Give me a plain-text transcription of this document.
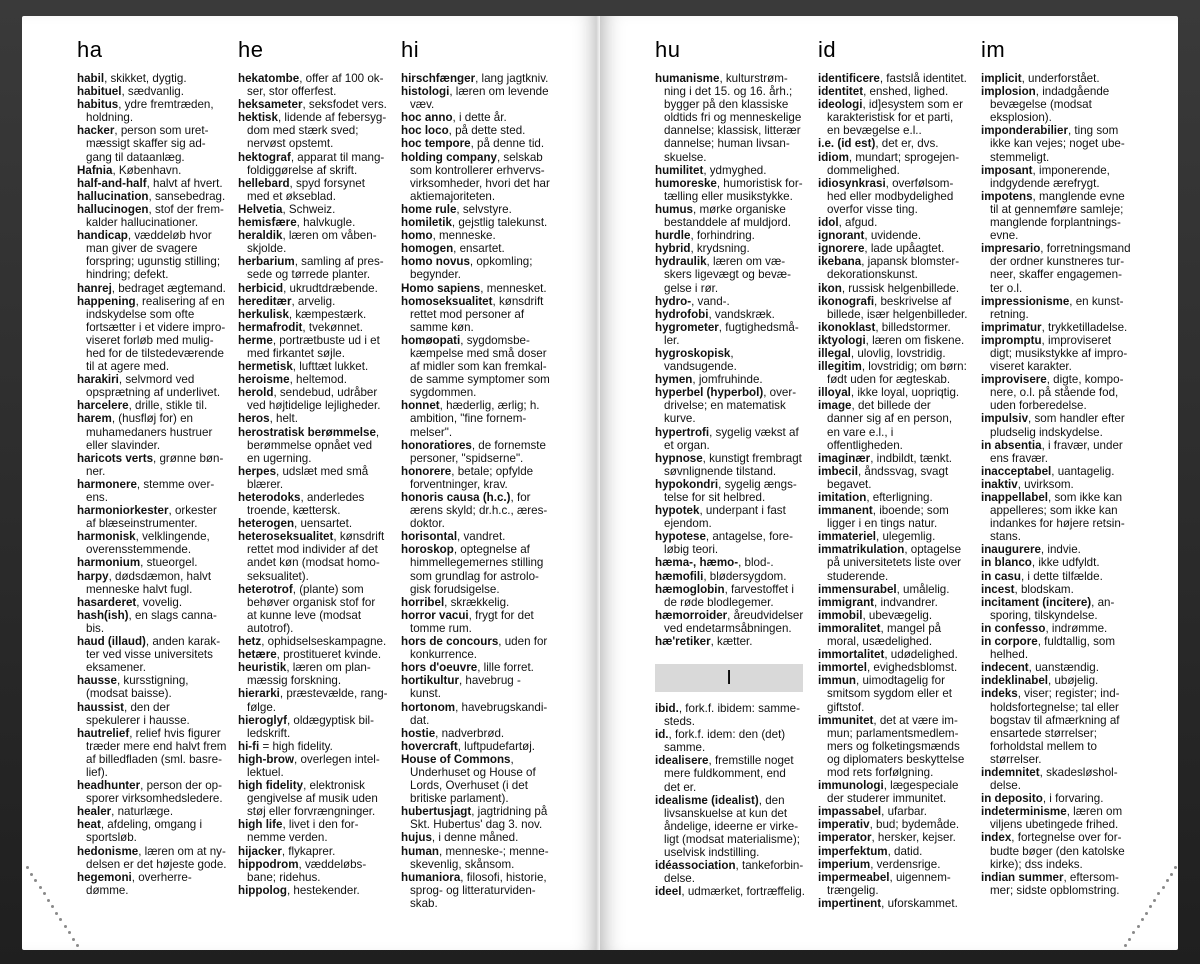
ha

habil, skikket, dygtig.

habituel, sædvanlig.

habitus, ydre fremtræden, holdning.

hacker, person som uretmæssigt skaffer sig adgang til dataanlæg.

Hafnia, København.

half-and-half, halvt af hvert.

hallucination, sansebedrag.

hallucinogen, stof der fremkalder hallucinationer.

handicap, væddeløb hvor man giver de svagere forspring; ugunstig stilling; hindring; defekt.

hanrej, bedraget ægtemand.

happening, realisering af en indskydelse som ofte fortsætter i et videre improviseret forløb med mulighed for de tilstedeværende til at agere med.

harakiri, selvmord ved opsprætning af underlivet.

harcelere, drille, stikle til.

harem, (husfløj for) en muhamedaners hustruer eller slavinder.

haricots verts, grønne bønner.

harmonere, stemme overens.

harmoniorkester, orkester af blæseinstrumenter.

harmonisk, velklingende, overensstemmende.

harmonium, stueorgel.

harpy, dødsdæmon, halvt menneske halvt fugl.

hasarderet, vovelig.

hash(ish), en slags cannabis.

haud (illaud), anden karakter ved visse universitets eksamener.

hausse, kursstigning, (modsat baisse).

haussist, den der spekulerer i hausse.

hautrelief, relief hvis figurer træder mere end halvt frem af billedfladen (sml. basrelief).

headhunter, person der opsporer virksomhedsledere.

healer, naturlæge.

heat, afdeling, omgang i sportsløb.

hedonisme, læren om at nydelsen er det højeste gode.

hegemoni, overherredømme.

he

hekatombe, offer af 100 okser, stor offerfest.

heksameter, seksfodet vers.

hektisk, lidende af febersygdom med stærk sved; nervøst opstemt.

hektograf, apparat til mangfoldiggørelse af skrift.

hellebard, spyd forsynet med et økseblad.

Helvetia, Schweiz.

hemisfære, halvkugle.

heraldik, læren om våbenskjolde.

herbarium, samling af pressede og tørrede planter.

herbicid, ukrudtdræbende.

hereditær, arvelig.

herkulisk, kæmpestærk.

hermafrodit, tvekønnet.

herme, portrætbuste ud i et med firkantet søjle.

hermetisk, lufttæt lukket.

heroisme, heltemod.

herold, sendebud, udråber ved højtidelige lejligheder.

heros, helt.

herostratisk berømmelse, berømmelse opnået ved en ugerning.

herpes, udslæt med små blærer.

heterodoks, anderledes troende, kættersk.

heterogen, uensartet.

heteroseksualitet, kønsdrift rettet mod individer af det andet køn (modsat homoseksualitet).

heterotrof, (plante) som behøver organisk stof for at kunne leve (modsat autotrof).

hetz, ophidselseskampagne.

hetære, prostitueret kvinde.

heuristik, læren om planmæssig forskning.

hierarki, præstevælde, rangfølge.

hieroglyf, oldægyptisk billedskrift.

hi-fi = high fidelity.

high-brow, overlegen intellektuel.

high fidelity, elektronisk gengivelse af musik uden støj eller forvrængninger.

high life, livet i den fornemme verden.

hijacker, flykaprer.

hippodrom, væddeløbsbane; ridehus.

hippolog, hestekender.

hi

hirschfænger, lang jagtkniv.

histologi, læren om levende væv.

hoc anno, i dette år.

hoc loco, på dette sted.

hoc tempore, på denne tid.

holding company, selskab som kontrollerer erhvervsvirksomheder, hvori det har aktiemajoriteten.

home rule, selvstyre.

homiletik, gejstlig talekunst.

homo, menneske.

homogen, ensartet.

homo novus, opkomling; begynder.

Homo sapiens, mennesket.

homoseksualitet, kønsdrift rettet mod personer af samme køn.

homøopati, sygdomsbekæmpelse med små doser af midler som kan fremkalde samme symptomer som sygdommen.

honnet, hæderlig, ærlig; h. ambition, "fine fornemmelser".

honoratiores, de fornemste personer, "spidserne".

honorere, betale; opfylde forventninger, krav.

honoris causa (h.c.), for ærens skyld; dr.h.c., æresdoktor.

horisontal, vandret.

horoskop, optegnelse af himmellegemernes stilling som grundlag for astrologisk forudsigelse.

horribel, skrækkelig.

horror vacui, frygt for det tomme rum.

hors de concours, uden for konkurrence.

hors d'oeuvre, lille forret.

hortikultur, havebrug -kunst.

hortonom, havebrugskandidat.

hostie, nadverbrød.

hovercraft, luftpudefartøj.

House of Commons, Underhuset og House of Lords, Overhuset (i det britiske parlament).

hubertusjagt, jagtridning på Skt. Hubertus' dag 3. nov.

hujus, i denne måned.

human, menneske-; menneskevenlig, skånsom.

humaniora, filosofi, historie, sprog- og litteraturvidenskab.

hu

humanisme, kulturstrømning i det 15. og 16. årh.; bygger på den klassiske oldtids fri og menneskelige dannelse; klassisk, litterær dannelse; human livsanskuelse.

humilitet, ydmyghed.

humoreske, humoristisk fortælling eller musikstykke.

humus, mørke organiske bestanddele af muldjord.

hurdle, forhindring.

hybrid, krydsning.

hydraulik, læren om væskers ligevægt og bevægelse i rør.

hydro-, vand-.

hydrofobi, vandskræk.

hygrometer, fugtighedsmåler.

hygroskopisk, vandsugende.

hymen, jomfruhinde.

hyperbel (hyperbol), overdrivelse; en matematisk kurve.

hypertrofi, sygelig vækst af et organ.

hypnose, kunstigt frembragt søvnlignende tilstand.

hypokondri, sygelig ængstelse for sit helbred.

hypotek, underpant i fast ejendom.

hypotese, antagelse, foreløbig teori.

hæma-, hæmo-, blod-.

hæmofili, blødersygdom.

hæmoglobin, farvestoffet i de røde blodlegemer.

hæmorroider, åreudvidelser ved endetarmsåbningen.

hæ'retiker, kætter.

I

ibid., fork.f. ibidem: sammesteds.

id., fork.f. idem: den (det) samme.

idealisere, fremstille noget mere fuldkomment, end det er.

idealisme (idealist), den livsanskuelse at kun det åndelige, ideerne er virkeligt (modsat materialisme); uselvisk indstilling.

idéassociation, tankeforbindelse.

ideel, udmærket, fortræffelig.

id

identificere, fastslå identitet.

identitet, enshed, lighed.

ideologi, id]esystem som er karakteristisk for et parti, en bevægelse e.l..

i.e. (id est), det er, dvs.

idiom, mundart; sprogejendommelighed.

idiosynkrasi, overfølsomhed eller modbydelighed overfor visse ting.

idol, afgud.

ignorant, uvidende.

ignorere, lade upåagtet.

ikebana, japansk blomsterdekorationskunst.

ikon, russisk helgenbillede.

ikonografi, beskrivelse af billede, især helgenbilleder.

ikonoklast, billedstormer.

iktyologi, læren om fiskene.

illegal, ulovlig, lovstridig.

illegitim, lovstridig; om børn: født uden for ægteskab.

illoyal, ikke loyal, uopriqtig.

image, det billede der danner sig af en person, en vare e.l., i offentligheden.

imaginær, indbildt, tænkt.

imbecil, åndssvag, svagt begavet.

imitation, efterligning.

immanent, iboende; som ligger i en tings natur.

immateriel, ulegemlig.

immatrikulation, optagelse på universitetets liste over studerende.

immensurabel, umålelig.

immigrant, indvandrer.

immobil, ubevægelig.

immoralitet, mangel på moral, usædelighed.

immortalitet, udødelighed.

immortel, evighedsblomst.

immun, uimodtagelig for smitsom sygdom eller et giftstof.

immunitet, det at være immun; parlamentsmedlemmers og folketingsmænds og diplomaters beskyttelse mod rets forfølgning.

immunologi, lægespeciale der studerer immunitet.

impassabel, ufarbar.

imperativ, bud; bydemåde.

imperator, hersker, kejser.

imperfektum, datid.

imperium, verdensrige.

impermeabel, uigennemtrængelig.

impertinent, uforskammet.

im

implicit, underforstået.

implosion, indadgående bevægelse (modsat eksplosion).

imponderabilier, ting som ikke kan vejes; noget ubestemmeligt.

imposant, imponerende, indgydende ærefrygt.

impotens, manglende evne til at gennemføre samleje; manglende forplantningsevne.

impresario, forretningsmand der ordner kunstneres turneer, skaffer engagementer o.l.

impressionisme, en kunstretning.

imprimatur, trykketilladelse.

impromptu, improviseret digt; musikstykke af improviseret karakter.

improvisere, digte, komponere, o.l. på stående fod, uden forberedelse.

impulsiv, som handler efter pludselig indskydelse.

in absentia, i fravær, under ens fravær.

inacceptabel, uantagelig.

inaktiv, uvirksom.

inappellabel, som ikke kan appelleres; som ikke kan indankes for højere retsinstans.

inaugurere, indvie.

in blanco, ikke udfyldt.

in casu, i dette tilfælde.

incest, blodskam.

incitament (incitere), ansporing, tilskyndelse.

in confesso, indrømme.

in corpore, fuldtallig, som helhed.

indecent, uanstændig.

indeklinabel, ubøjelig.

indeks, viser; register; indholdsfortegnelse; tal eller bogstav til afmærkning af ensartede størrelser; forholdstal mellem to størrelser.

indemnitet, skadesløsholdelse.

in deposito, i forvaring.

indeterminisme, læren om viljens ubetingede frihed.

index, fortegnelse over forbudte bøger (den katolske kirke); dss indeks.

indian summer, eftersommer; sidste opblomstring.
